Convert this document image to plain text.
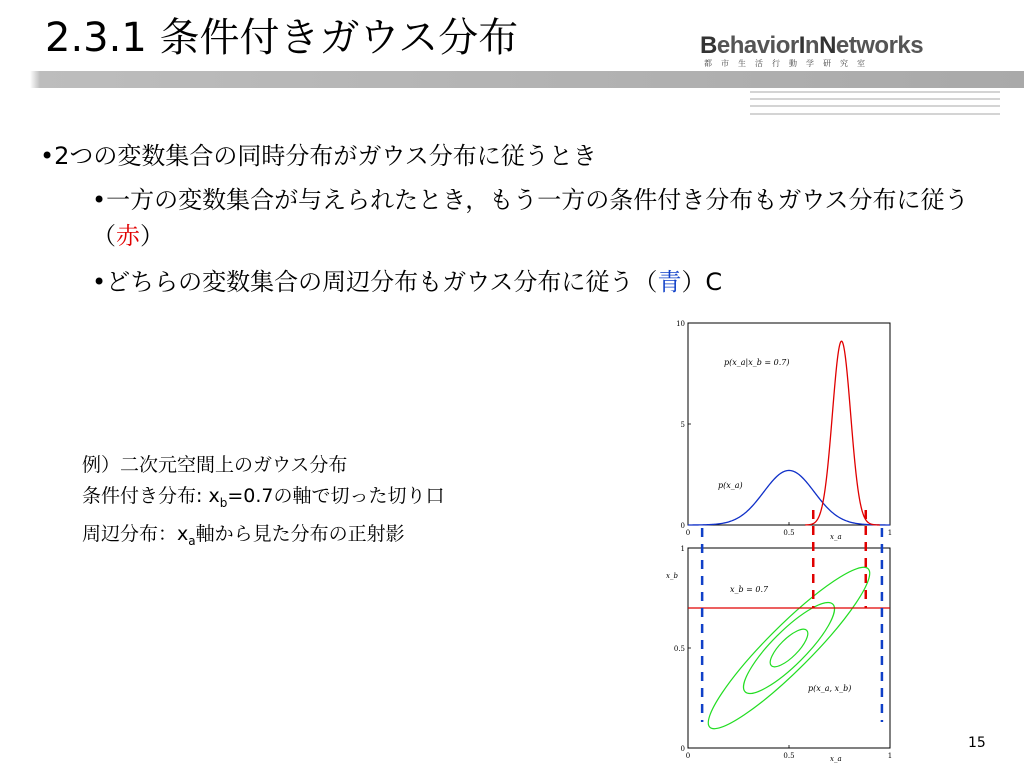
2.3.1 条件付きガウス分布	BehaviorInNetworks
都市生活行動学研究室
•2つの変数集合の同時分布がガウス分布に従うとき
•一方の変数集合が与えられたとき，もう一方の条件付き分布もガウス分布に従う（赤）
•どちらの変数集合の周辺分布もガウス分布に従う（青）C
例）二次元空間上のガウス分布
条件付き分布: $x_b=0.7$の軸で切った切り口
周辺分布：$x_a$軸から見た分布の正射影	0	0.5	1
0
5
10
0	0.5	1
0
0.5
1
p(x_a|x_b = 0.7)
p(x_a)
x_b = 0.7
p(x_a, x_b)
x_a
x_a
x_b
15
